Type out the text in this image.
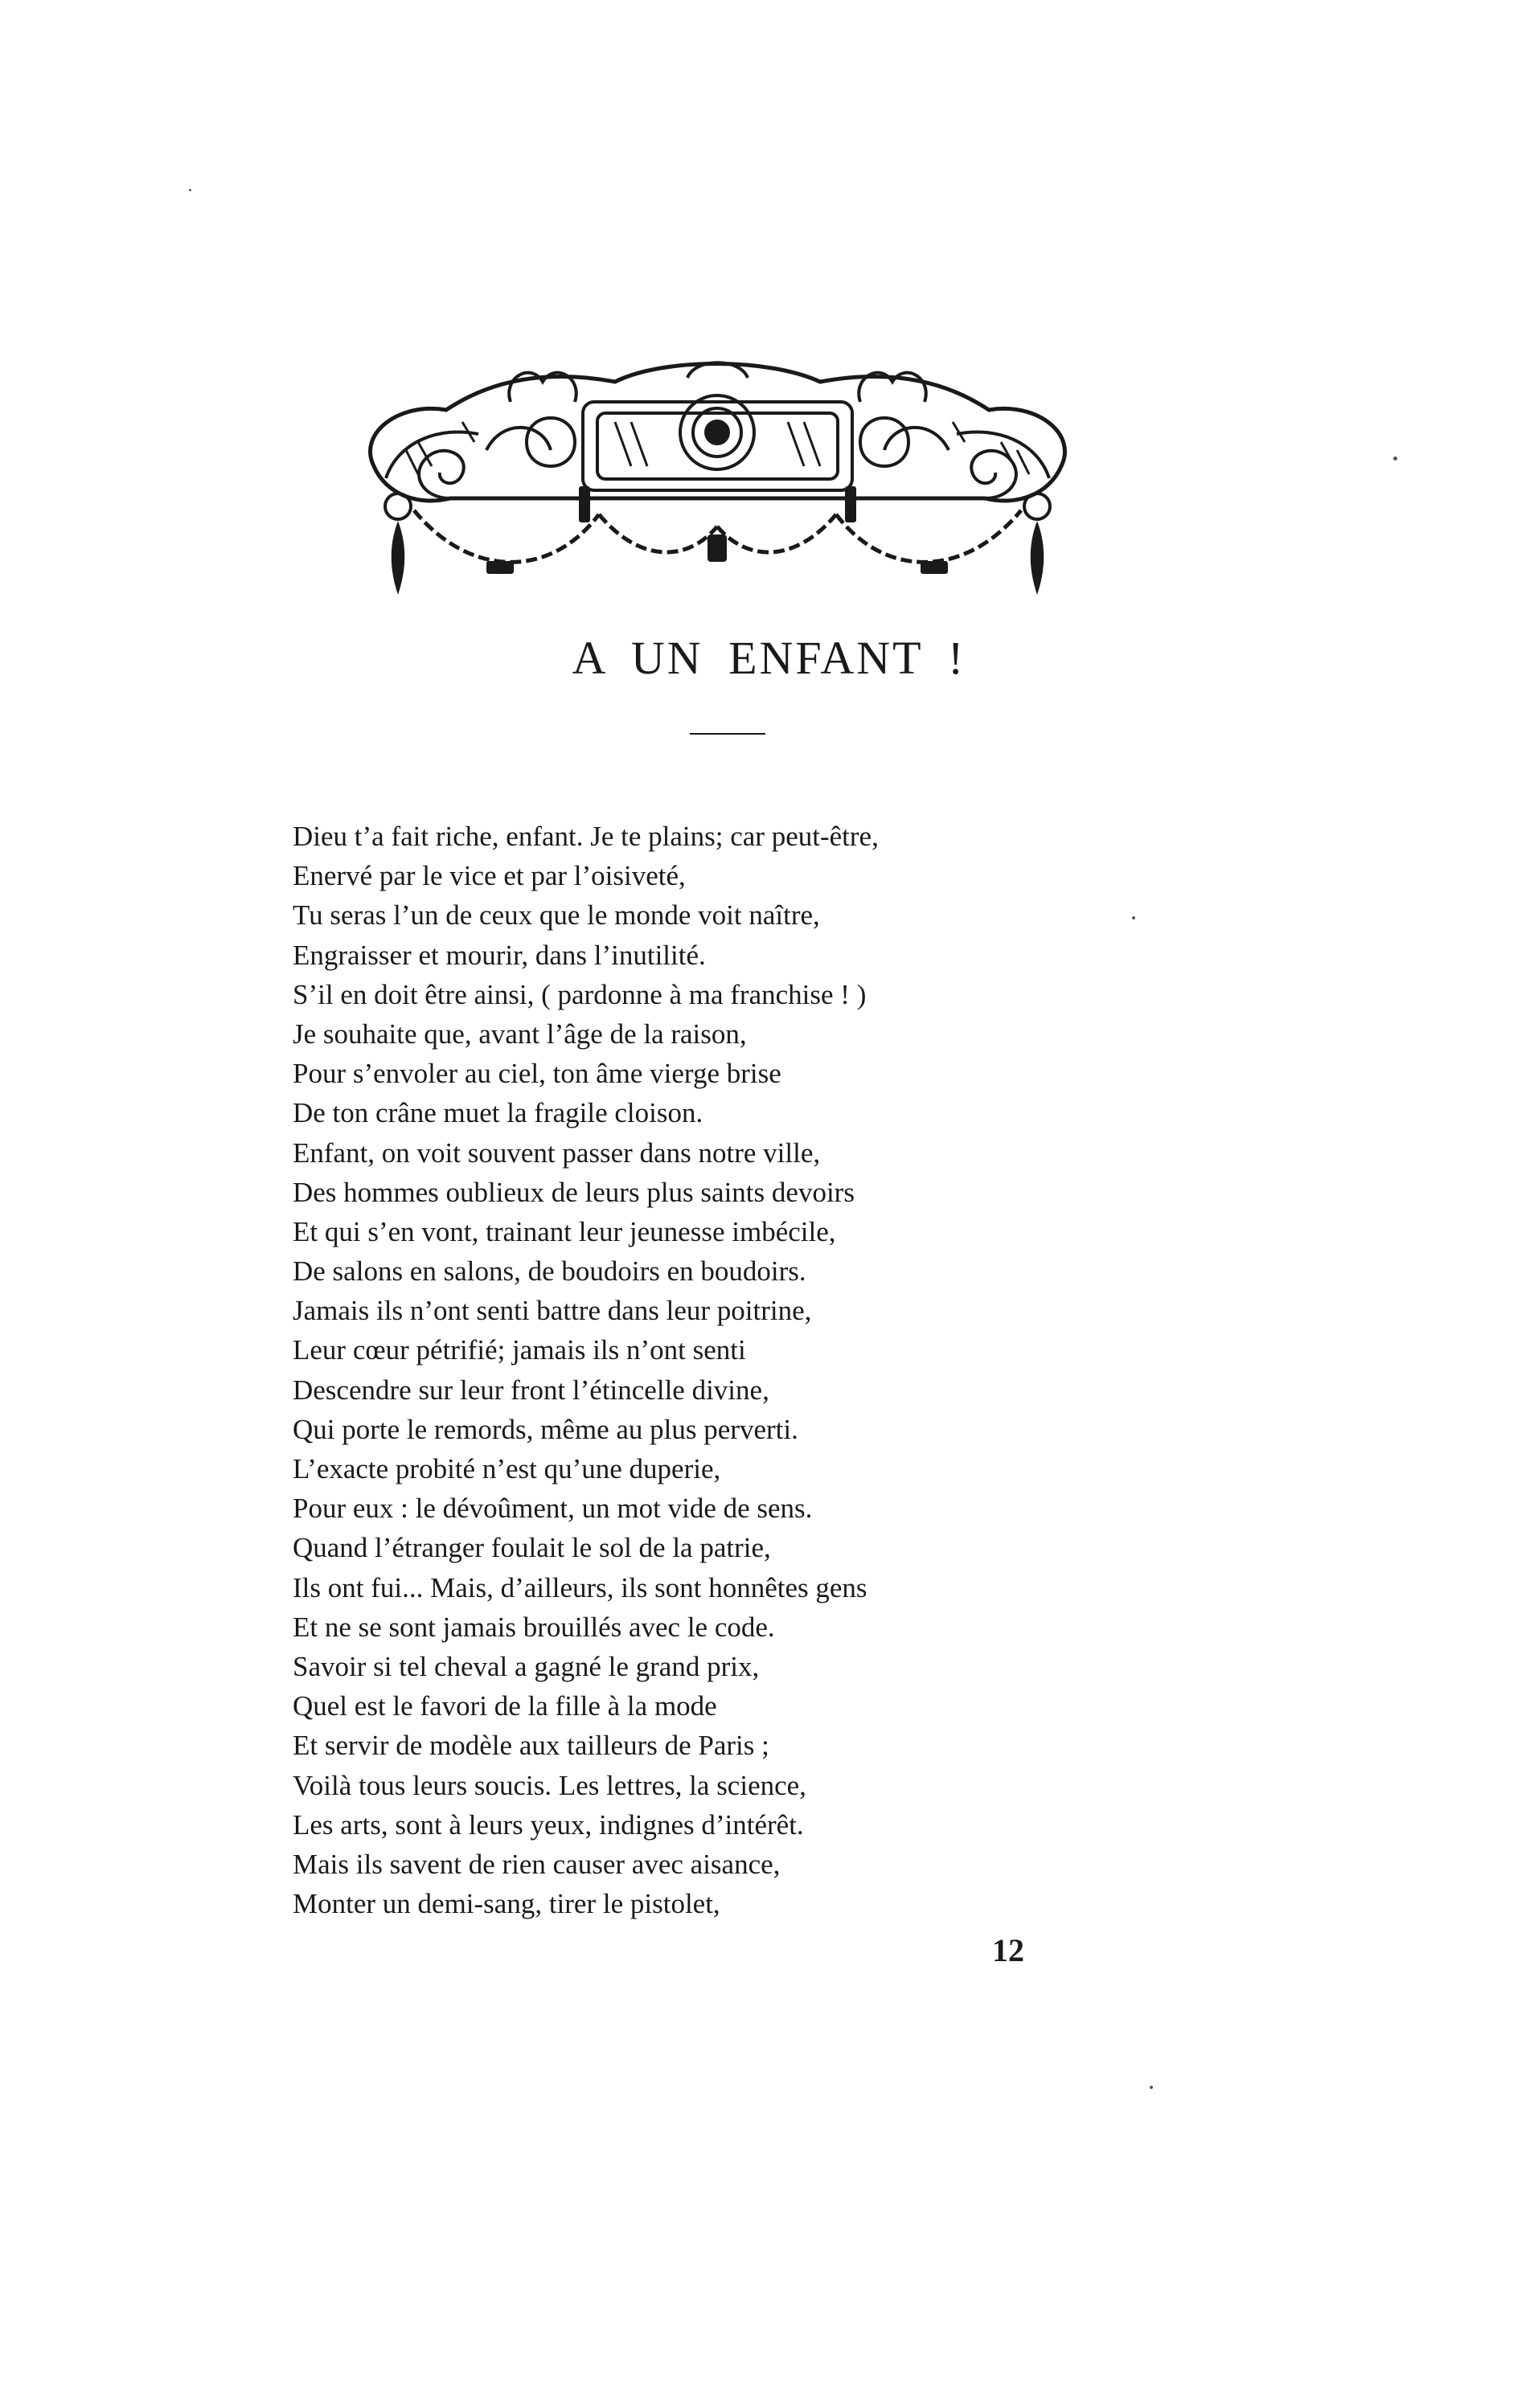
A UN ENFANT !
Dieu t’a fait riche, enfant. Je te plains; car peut-être,
Enervé par le vice et par l’oisiveté,
Tu seras l’un de ceux que le monde voit naître,
Engraisser et mourir, dans l’inutilité.
S’il en doit être ainsi, ( pardonne à ma franchise ! )
Je souhaite que, avant l’âge de la raison,
Pour s’envoler au ciel, ton âme vierge brise
De ton crâne muet la fragile cloison.
Enfant, on voit souvent passer dans notre ville,
Des hommes oublieux de leurs plus saints devoirs
Et qui s’en vont, trainant leur jeunesse imbécile,
De salons en salons, de boudoirs en boudoirs.
Jamais ils n’ont senti battre dans leur poitrine,
Leur cœur pétrifié; jamais ils n’ont senti
Descendre sur leur front l’étincelle divine,
Qui porte le remords, même au plus perverti.
L’exacte probité n’est qu’une duperie,
Pour eux : le dévoûment, un mot vide de sens.
Quand l’étranger foulait le sol de la patrie,
Ils ont fui... Mais, d’ailleurs, ils sont honnêtes gens
Et ne se sont jamais brouillés avec le code.
Savoir si tel cheval a gagné le grand prix,
Quel est le favori de la fille à la mode
Et servir de modèle aux tailleurs de Paris ;
Voilà tous leurs soucis. Les lettres, la science,
Les arts, sont à leurs yeux, indignes d’intérêt.
Mais ils savent de rien causer avec aisance,
Monter un demi-sang, tirer le pistolet,
12
